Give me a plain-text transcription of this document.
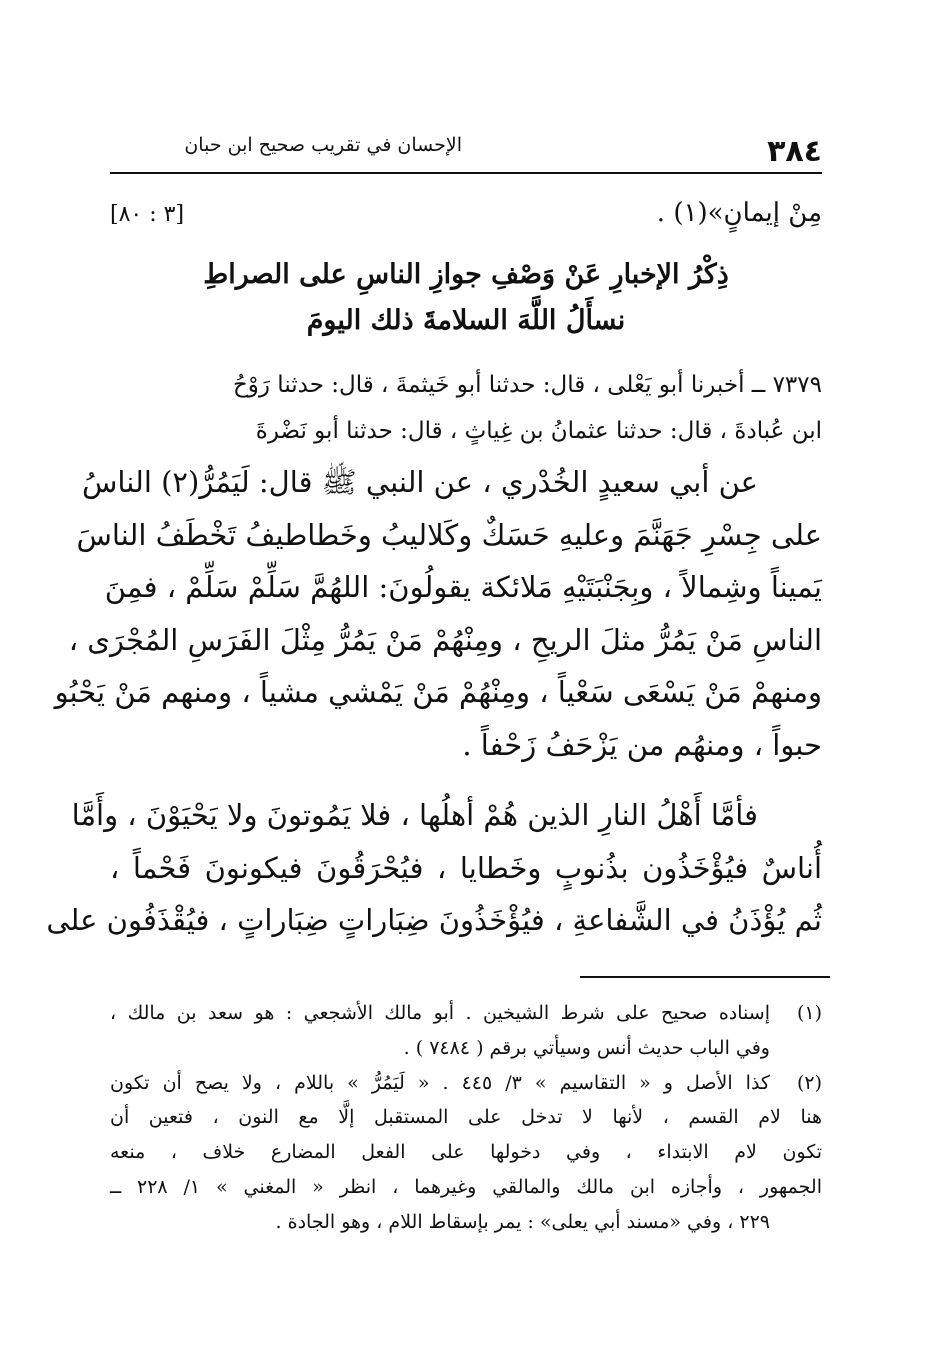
٣٨٤
الإحسان في تقريب صحيح ابن حبان
مِنْ إيمانٍ»(١) .
[٣ : ٨٠]
ذِكْرُ الإخبارِ عَنْ وَصْفِ جوازِ الناسِ على الصراطِ
نسأَلُ اللَّهَ السلامةَ ذلك اليومَ

٧٣٧٩ ــ أخبرنا أبو يَعْلى ، قال: حدثنا أبو خَيثمةَ ، قال: حدثنا رَوْحُ

ابن عُبادةَ ، قال: حدثنا عثمانُ بن غِياثٍ ، قال: حدثنا أبو نَضْرةَ

عن أبي سعيدٍ الخُدْري ، عن النبي ﷺ قال: لَيَمُرُّ(٢) الناسُ
على جِسْرِ جَهَنَّمَ وعليهِ حَسَكٌ وكَلاليبُ وخَطاطيفُ تَخْطَفُ الناسَ
يَميناً وشِمالاً ، وبِجَنْبَتَيْهِ مَلائكة يقولُونَ: اللهُمَّ سَلِّمْ سَلِّمْ ، فمِنَ
الناسِ مَنْ يَمُرُّ مثلَ الريحِ ، ومِنْهُمْ مَنْ يَمُرُّ مِثْلَ الفَرَسِ المُجْرَى ،
ومنهمْ مَنْ يَسْعَى سَعْياً ، ومِنْهُمْ مَنْ يَمْشي مشياً ، ومنهم مَنْ يَحْبُو
حبواً ، ومنهُم من يَزْحَفُ زَحْفاً .
فأمَّا أَهْلُ النارِ الذين هُمْ أهلُها ، فلا يَمُوتونَ ولا يَحْيَوْنَ ، وأَمَّا
أُناسٌ فيُؤْخَذُون بذُنوبٍ وخَطايا ، فيُحْرَقُونَ فيكونونَ فَحْماً ،
ثُم يُؤْذَنُ في الشَّفاعةِ ، فيُؤْخَذُونَ ضِبَاراتٍ ضِبَاراتٍ ، فيُقْذَفُون على
(١)
إسناده صحيح على شرط الشيخين . أبو مالك الأشجعي : هو سعد بن مالك ،
وفي الباب حديث أنس وسيأتي برقم ( ٧٤٨٤ ) .
(٢)
كذا الأصل و « التقاسيم » ٣/ ٤٤٥ . « لَيَمُرُّ » باللام ، ولا يصح أن تكون
هنا لام القسم ، لأنها لا تدخل على المستقبل إلَّا مع النون ، فتعين أن
تكون لام الابتداء ، وفي دخولها على الفعل المضارع خلاف ، منعه
الجمهور ، وأجازه ابن مالك والمالقي وغيرهما ، انظر « المغني » ١/ ٢٢٨ ــ
٢٢٩ ، وفي «مسند أبي يعلى» : يمر بإسقاط اللام ، وهو الجادة .
